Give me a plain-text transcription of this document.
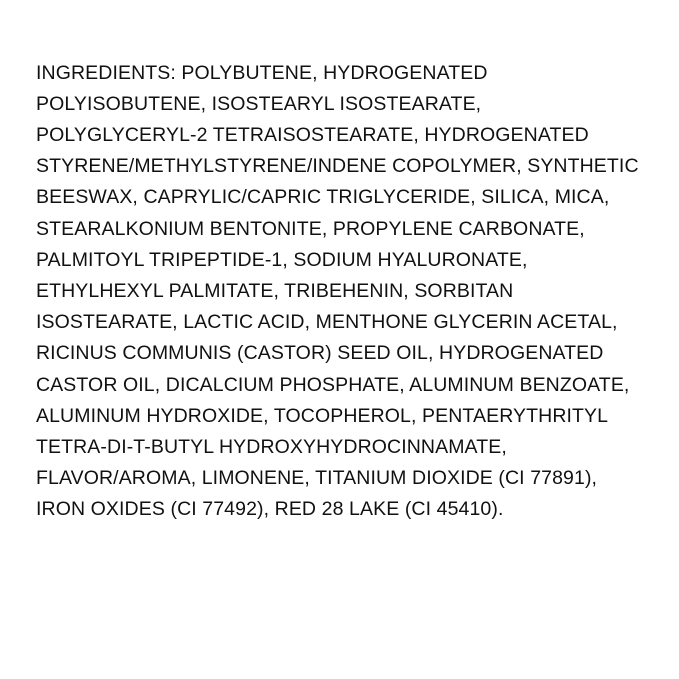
INGREDIENTS: POLYBUTENE, HYDROGENATED POLYISOBUTENE, ISOSTEARYL ISOSTEARATE, POLYGLYCERYL-2 TETRAISOSTEARATE, HYDROGENATED STYRENE/METHYLSTYRENE/INDENE COPOLYMER, SYNTHETIC BEESWAX, CAPRYLIC/CAPRIC TRIGLYCERIDE, SILICA, MICA,  STEARALKONIUM BENTONITE, PROPYLENE CARBONATE, PALMITOYL TRIPEPTIDE-1, SODIUM HYALURONATE, ETHYLHEXYL PALMITATE, TRIBEHENIN, SORBITAN ISOSTEARATE, LACTIC ACID, MENTHONE GLYCERIN ACETAL, RICINUS COMMUNIS (CASTOR) SEED OIL, HYDROGENATED CASTOR OIL, DICALCIUM PHOSPHATE, ALUMINUM BENZOATE, ALUMINUM HYDROXIDE, TOCOPHEROL, PENTAERYTHRITYL TETRA-DI-T-BUTYL HYDROXYHYDROCINNAMATE, FLAVOR/AROMA, LIMONENE, TITANIUM DIOXIDE (CI 77891), IRON OXIDES (CI 77492), RED 28 LAKE (CI 45410).
